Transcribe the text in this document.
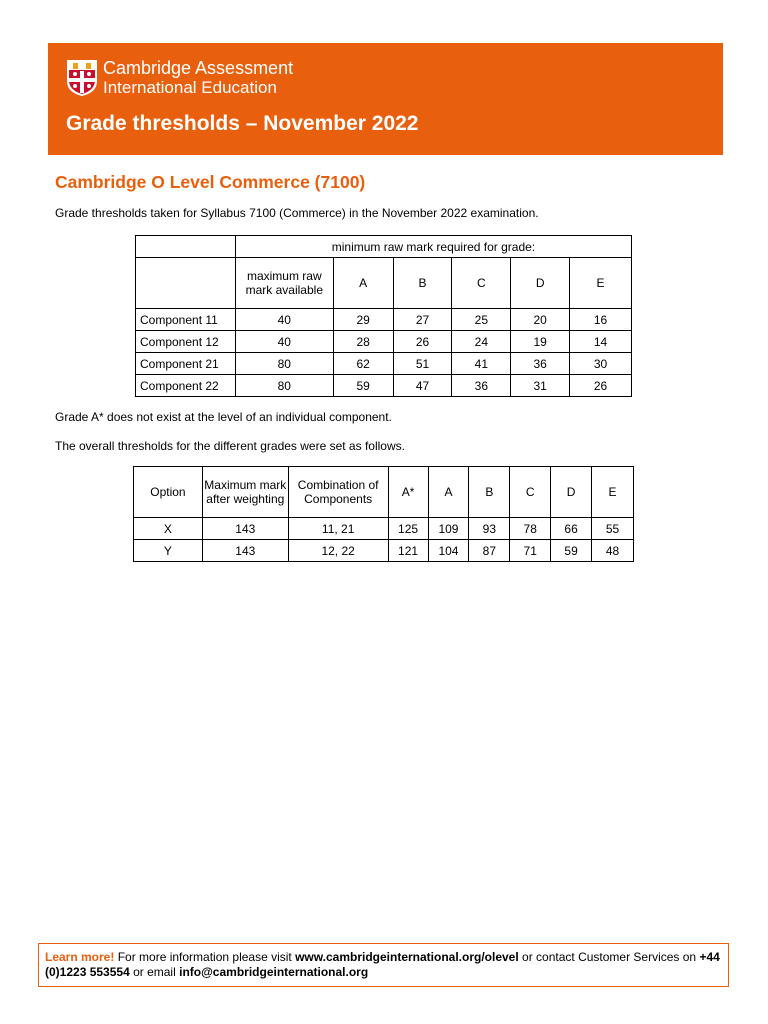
Cambridge Assessment
International Education
Grade thresholds – November 2022
Cambridge O Level Commerce (7100)
Grade thresholds taken for Syllabus 7100 (Commerce) in the November 2022 examination.
	minimum raw mark required for grade:					
	maximum raw mark available	A	B	C	D	E
Component 11	40	29	27	25	20	16
Component 12	40	28	26	24	19	14
Component 21	80	62	51	41	36	30
Component 22	80	59	47	36	31	26
Grade A* does not exist at the level of an individual component.
The overall thresholds for the different grades were set as follows.
Option	Maximum mark after weighting	Combination of Components	A*	A	B	C	D	E
X	143	11, 21	125	109	93	78	66	55
Y	143	12, 22	121	104	87	71	59	48
Learn more! For more information please visit www.cambridgeinternational.org/olevel or contact Customer Services on +44 (0)1223 553554 or email info@cambridgeinternational.org
